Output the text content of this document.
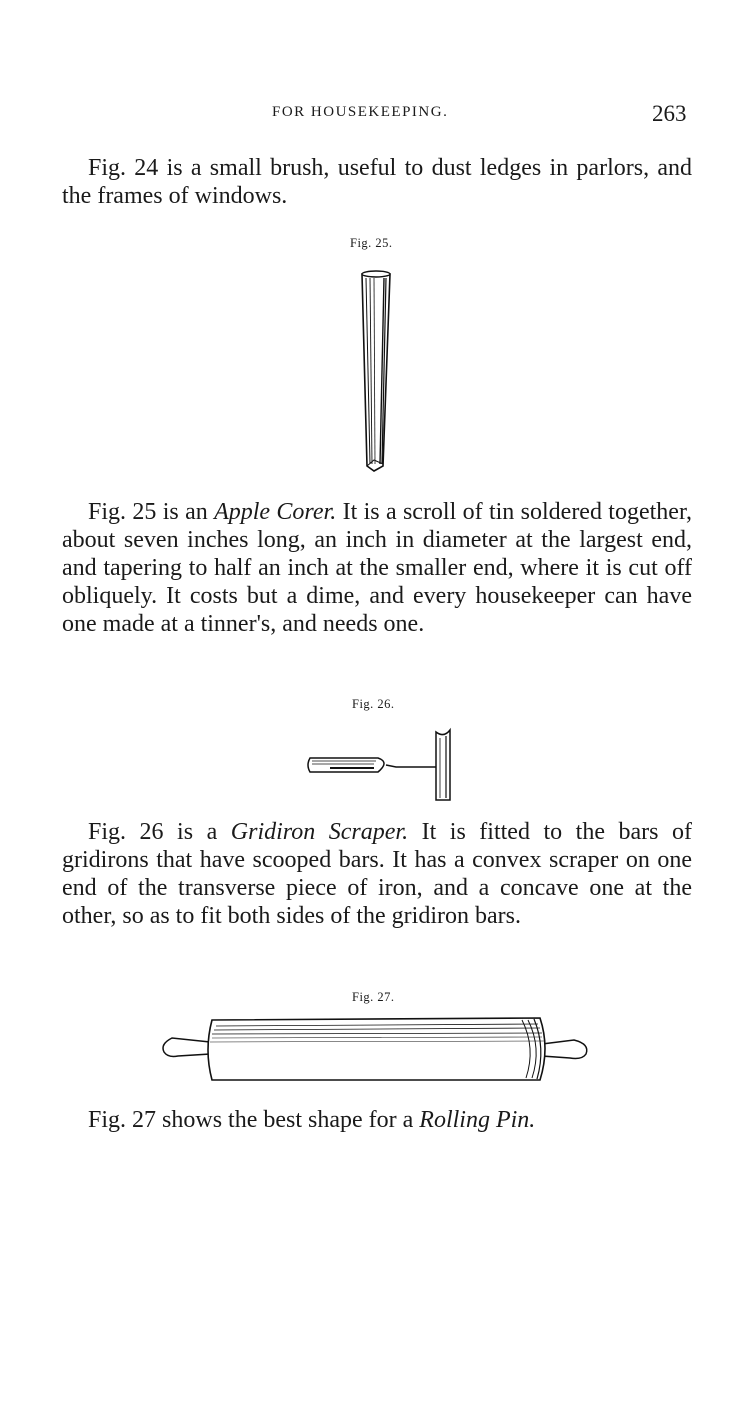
FOR HOUSEKEEPING.	263

Fig. 24 is a small brush, useful to dust ledges in parlors, and the frames of windows.

Fig. 25.

Fig. 25 is an Apple Corer. It is a scroll of tin soldered together, about seven inches long, an inch in diameter at the largest end, and tapering to half an inch at the smaller end, where it is cut off obliquely. It costs but a dime, and every housekeeper can have one made at a tinner's, and needs one.

Fig. 26.

Fig. 26 is a Gridiron Scraper. It is fitted to the bars of gridirons that have scooped bars. It has a convex scraper on one end of the transverse piece of iron, and a concave one at the other, so as to fit both sides of the gridiron bars.

Fig. 27.

Fig. 27 shows the best shape for a Rolling Pin.
